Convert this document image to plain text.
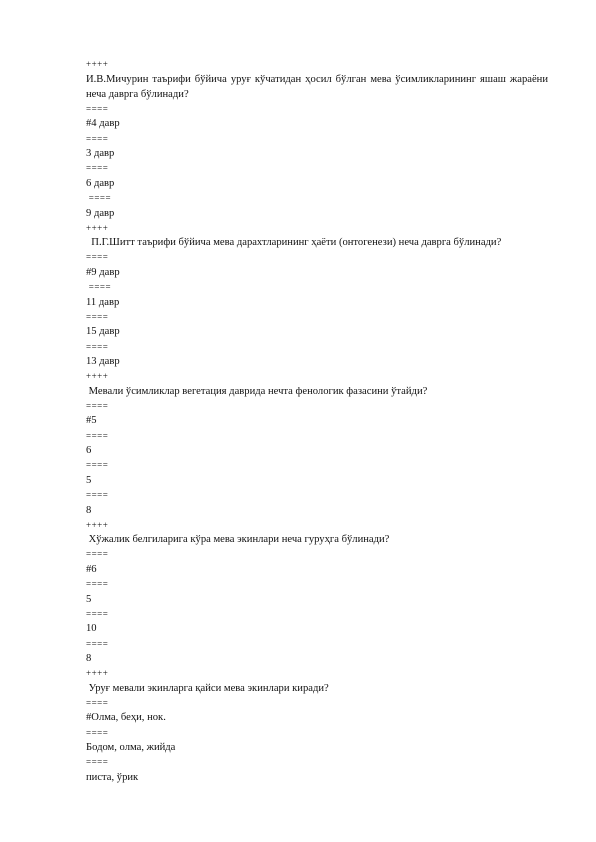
++++
И.В.Мичурин таърифи бўйича уруғ кўчатидан ҳосил бўлган мева ўсимликларининг яшаш жараёни неча даврга бўлинади?
====
#4 давр
====
3 давр
====
6 давр
====
9 давр
++++
П.Г.Шитт таърифи бўйича мева дарахтларининг ҳаёти (онтогенези) неча даврга бўлинади?
====
#9 давр
====
11 давр
====
15 давр
====
13 давр
++++
Мевали ўсимликлар вегетация даврида нечта фенологик фазасини ўтайди?
====
#5
====
6
====
5
====
8
++++
Хўжалик белгиларига кўра мева экинлари неча гуруҳга бўлинади?
====
#6
====
5
====
10
====
8
++++
Уруғ мевали экинларга қайси мева экинлари киради?
====
#Олма, беҳи, нок.
====
Бодом, олма, жийда
====
писта, ўрик
